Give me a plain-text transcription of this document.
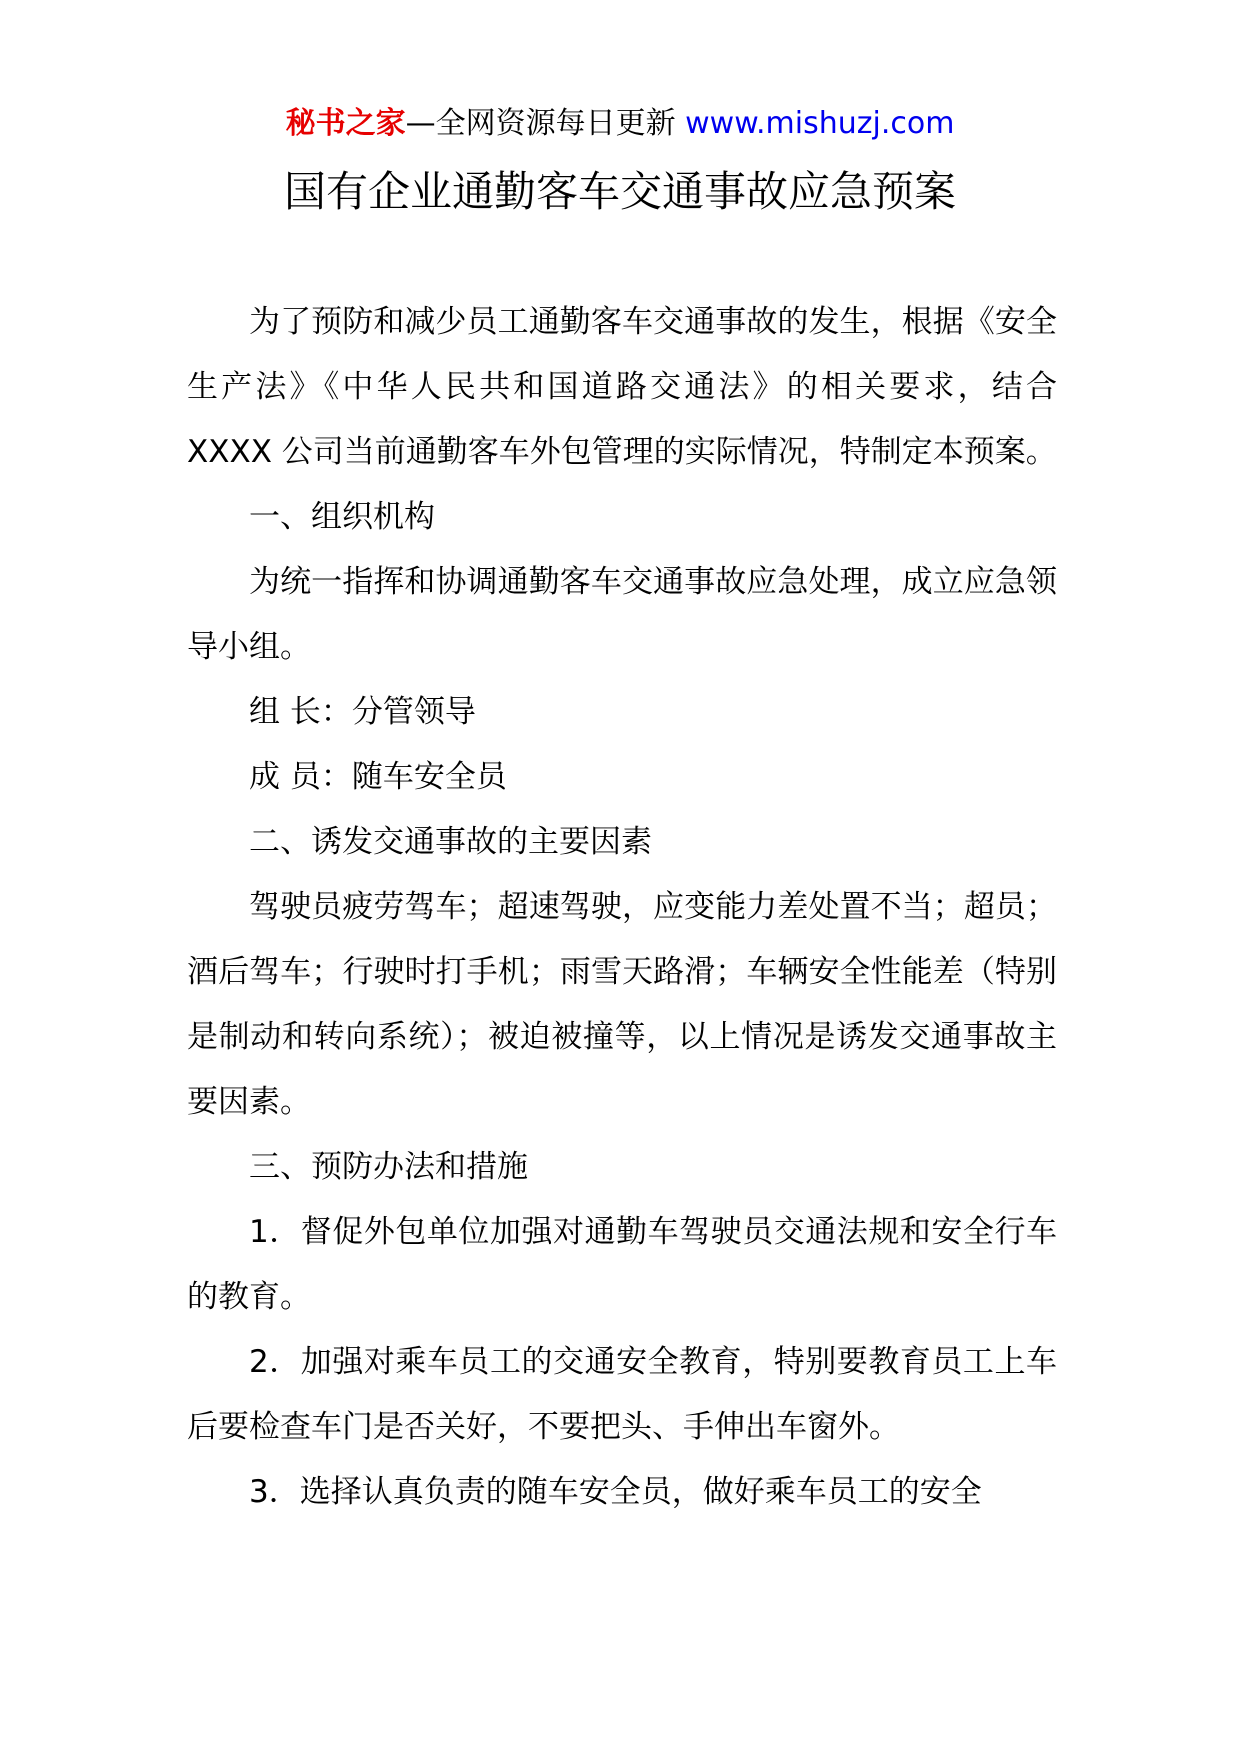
秘书之家—全网资源每日更新 www.mishuzj.com
国有企业通勤客车交通事故应急预案

为了预防和减少员工通勤客车交通事故的发生，根据《安全生产法》《中华人民共和国道路交通法》的相关要求，结合 XXXX 公司当前通勤客车外包管理的实际情况，特制定本预案。

一、组织机构

为统一指挥和协调通勤客车交通事故应急处理，成立应急领导小组。

组 长：分管领导

成 员：随车安全员

二、诱发交通事故的主要因素

驾驶员疲劳驾车；超速驾驶，应变能力差处置不当；超员；酒后驾车；行驶时打手机；雨雪天路滑；车辆安全性能差（特别是制动和转向系统）；被迫被撞等，以上情况是诱发交通事故主要因素。

三、预防办法和措施

1．督促外包单位加强对通勤车驾驶员交通法规和安全行车的教育。

2．加强对乘车员工的交通安全教育，特别要教育员工上车后要检查车门是否关好，不要把头、手伸出车窗外。

3．选择认真负责的随车安全员，做好乘车员工的安全
